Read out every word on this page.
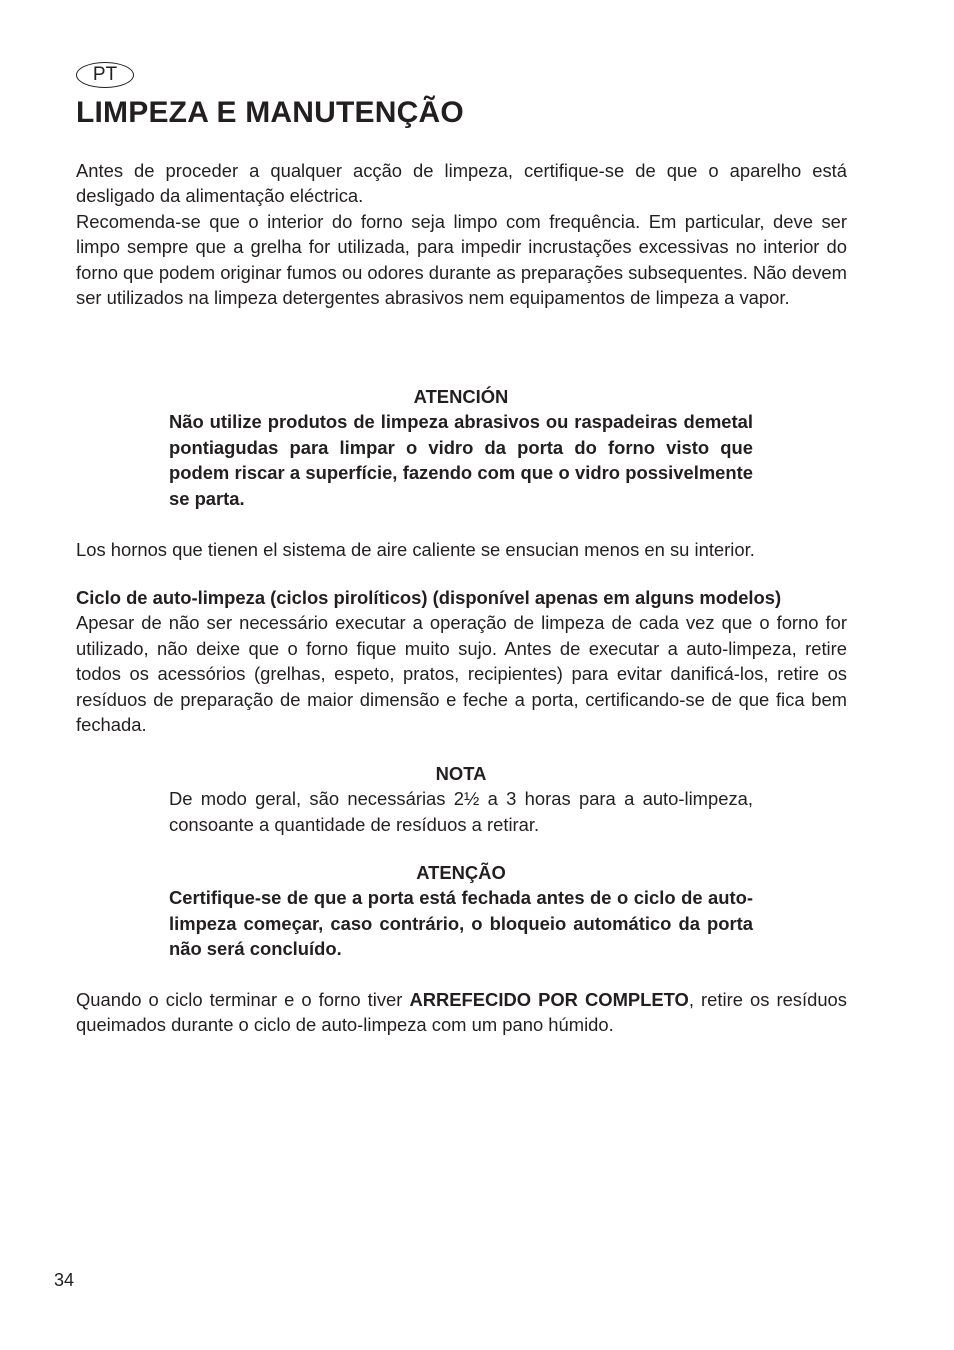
PT
LIMPEZA E MANUTENÇÃO

Antes de proceder a qualquer acção de limpeza, certifique-se de que o aparelho está desligado da alimentação eléctrica.

Recomenda-se que o interior do forno seja limpo com frequência. Em particular, deve ser limpo sempre que a grelha for utilizada, para impedir incrustações excessivas no interior do forno que podem originar fumos ou odores durante as preparações subsequentes. Não devem ser utilizados na limpeza detergentes abrasivos nem equipamentos de limpeza a vapor.

ATENCIÓN

Não utilize produtos de limpeza abrasivos ou raspadeiras demetal pontiagudas para limpar o vidro da porta do forno visto que podem riscar a superfície, fazendo com que o vidro possivelmente se parta.

Los hornos que tienen el sistema de aire caliente se ensucian menos en su interior.

Ciclo de auto-limpeza (ciclos pirolíticos) (disponível apenas em alguns modelos)

Apesar de não ser necessário executar a operação de limpeza de cada vez que o forno for utilizado, não deixe que o forno fique muito sujo. Antes de executar a auto-limpeza, retire todos os acessórios (grelhas, espeto, pratos, recipientes) para evitar danificá-los, retire os resíduos de preparação de maior dimensão e feche a porta, certificando-se de que fica bem fechada.

NOTA

De modo geral, são necessárias 2½ a 3 horas para a auto-limpeza, consoante a quantidade de resíduos a retirar.

ATENÇÃO

Certifique-se de que a porta está fechada antes de o ciclo de auto-limpeza começar, caso contrário, o bloqueio automático da porta não será concluído.

Quando o ciclo terminar e o forno tiver ARREFECIDO POR COMPLETO, retire os resíduos queimados durante o ciclo de auto-limpeza com um pano húmido.

34
